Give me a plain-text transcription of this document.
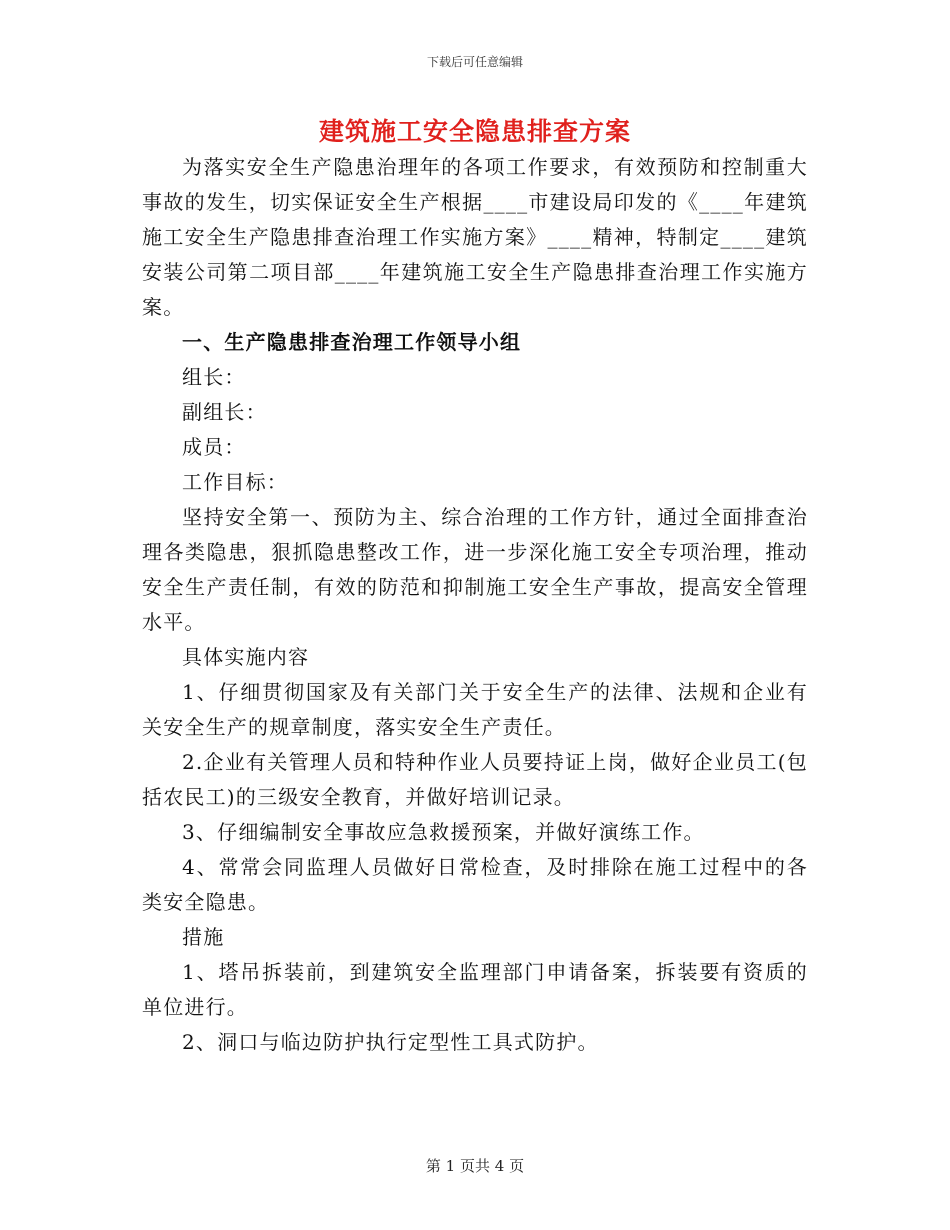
下载后可任意编辑
建筑施工安全隐患排查方案

为落实安全生产隐患治理年的各项工作要求，有效预防和控制重大事故的发生，切实保证安全生产根据____市建设局印发的《____年建筑施工安全生产隐患排查治理工作实施方案》____精神，特制定____建筑安装公司第二项目部____年建筑施工安全生产隐患排查治理工作实施方案。

一、生产隐患排查治理工作领导小组

组长：

副组长：

成员：

工作目标：

坚持安全第一、预防为主、综合治理的工作方针，通过全面排查治理各类隐患，狠抓隐患整改工作，进一步深化施工安全专项治理，推动安全生产责任制，有效的防范和抑制施工安全生产事故，提高安全管理水平。

具体实施内容

1、仔细贯彻国家及有关部门关于安全生产的法律、法规和企业有关安全生产的规章制度，落实安全生产责任。

2.企业有关管理人员和特种作业人员要持证上岗，做好企业员工(包括农民工)的三级安全教育，并做好培训记录。

3、仔细编制安全事故应急救援预案，并做好演练工作。

4、常常会同监理人员做好日常检查，及时排除在施工过程中的各类安全隐患。

措施

1、塔吊拆装前，到建筑安全监理部门申请备案，拆装要有资质的单位进行。

2、洞口与临边防护执行定型性工具式防护。

第 1 页共 4 页
